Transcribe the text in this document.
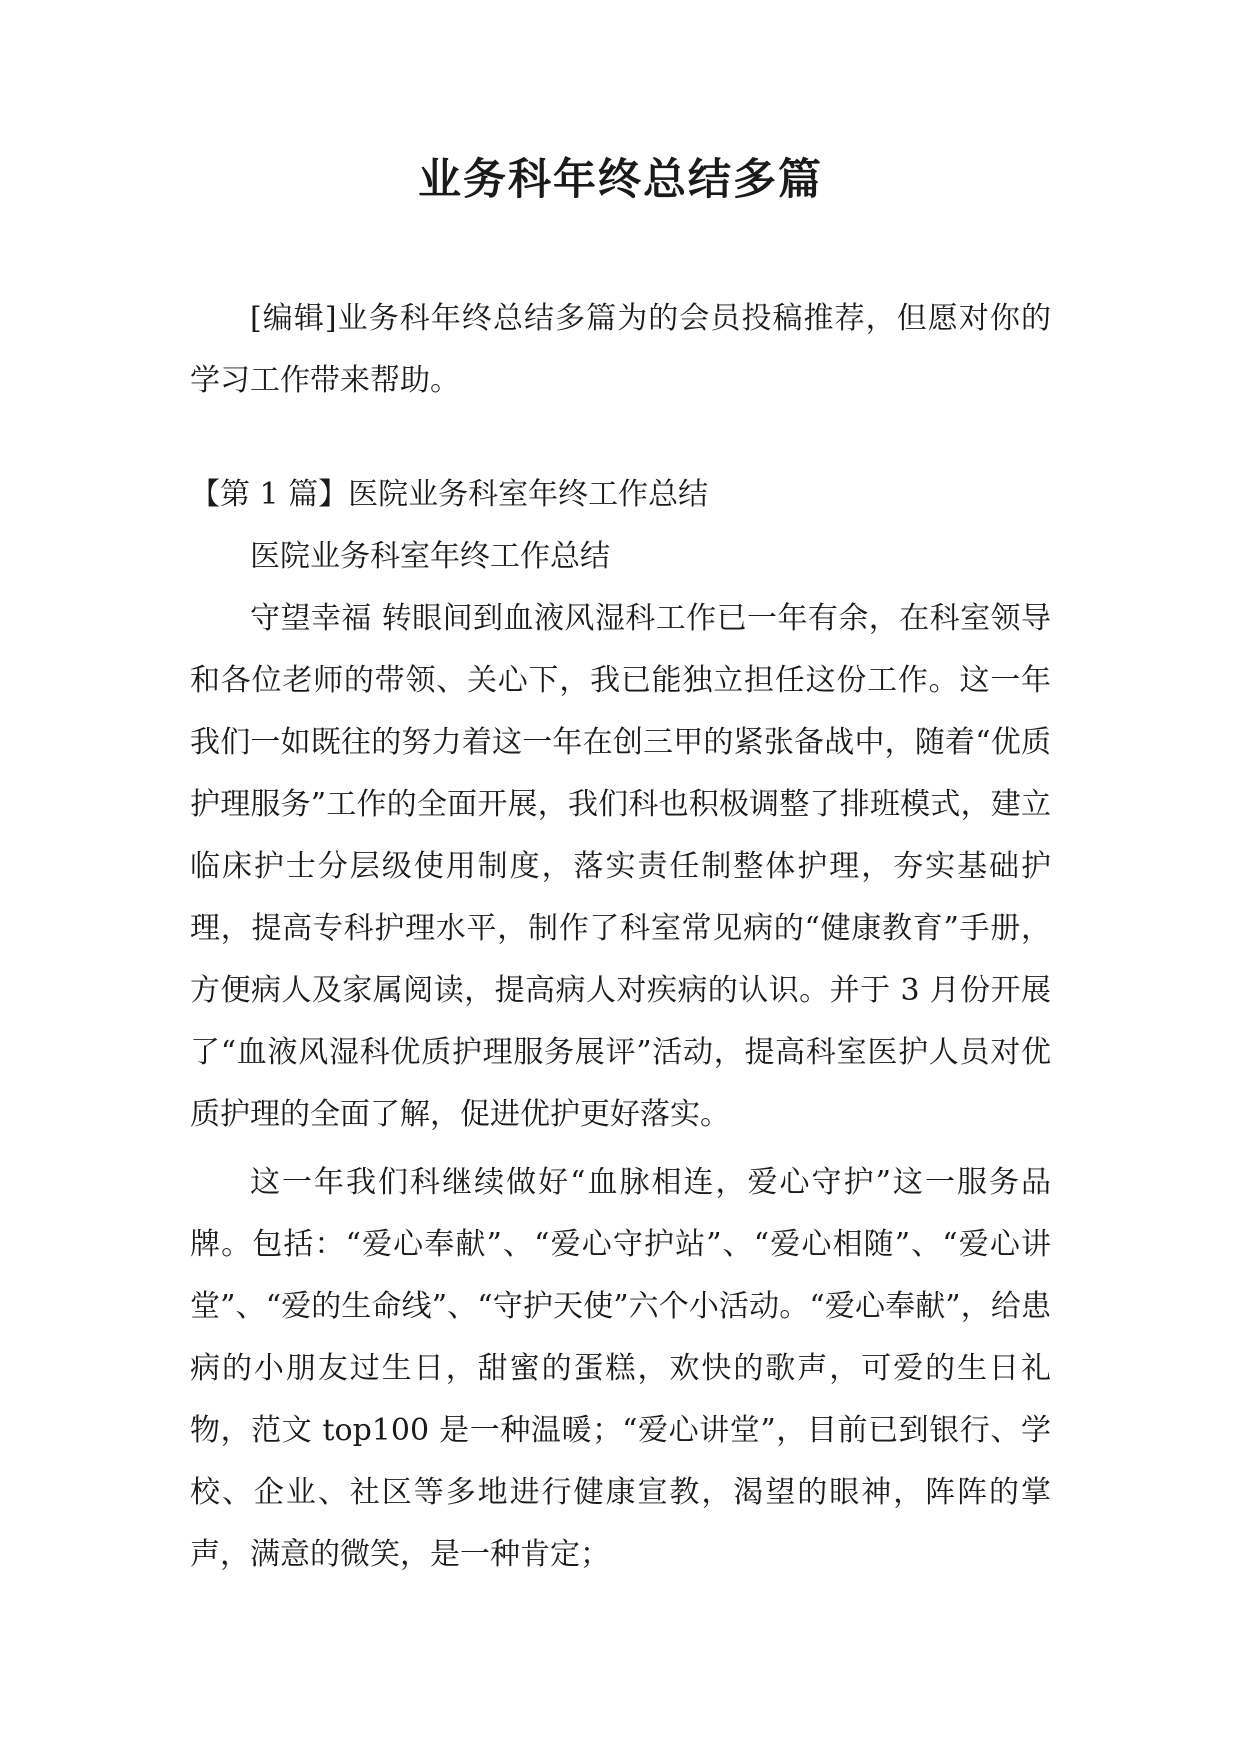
业务科年终总结多篇

[编辑]业务科年终总结多篇为的会员投稿推荐，但愿对你的学习工作带来帮助。

【第 1 篇】医院业务科室年终工作总结

医院业务科室年终工作总结

守望幸福 转眼间到血液风湿科工作已一年有余，在科室领导和各位老师的带领、关心下，我已能独立担任这份工作。这一年我们一如既往的努力着这一年在创三甲的紧张备战中，随着“优质护理服务”工作的全面开展，我们科也积极调整了排班模式，建立临床护士分层级使用制度，落实责任制整体护理，夯实基础护理，提高专科护理水平，制作了科室常见病的“健康教育”手册，方便病人及家属阅读，提高病人对疾病的认识。并于 3 月份开展了“血液风湿科优质护理服务展评”活动，提高科室医护人员对优质护理的全面了解，促进优护更好落实。

这一年我们科继续做好“血脉相连，爱心守护”这一服务品牌。包括：“爱心奉献”、“爱心守护站”、“爱心相随”、“爱心讲堂”、“爱的生命线”、“守护天使”六个小活动。“爱心奉献”，给患病的小朋友过生日，甜蜜的蛋糕，欢快的歌声，可爱的生日礼物，范文 top100 是一种温暖；“爱心讲堂”，目前已到银行、学校、企业、社区等多地进行健康宣教，渴望的眼神，阵阵的掌声，满意的微笑，是一种肯定；
